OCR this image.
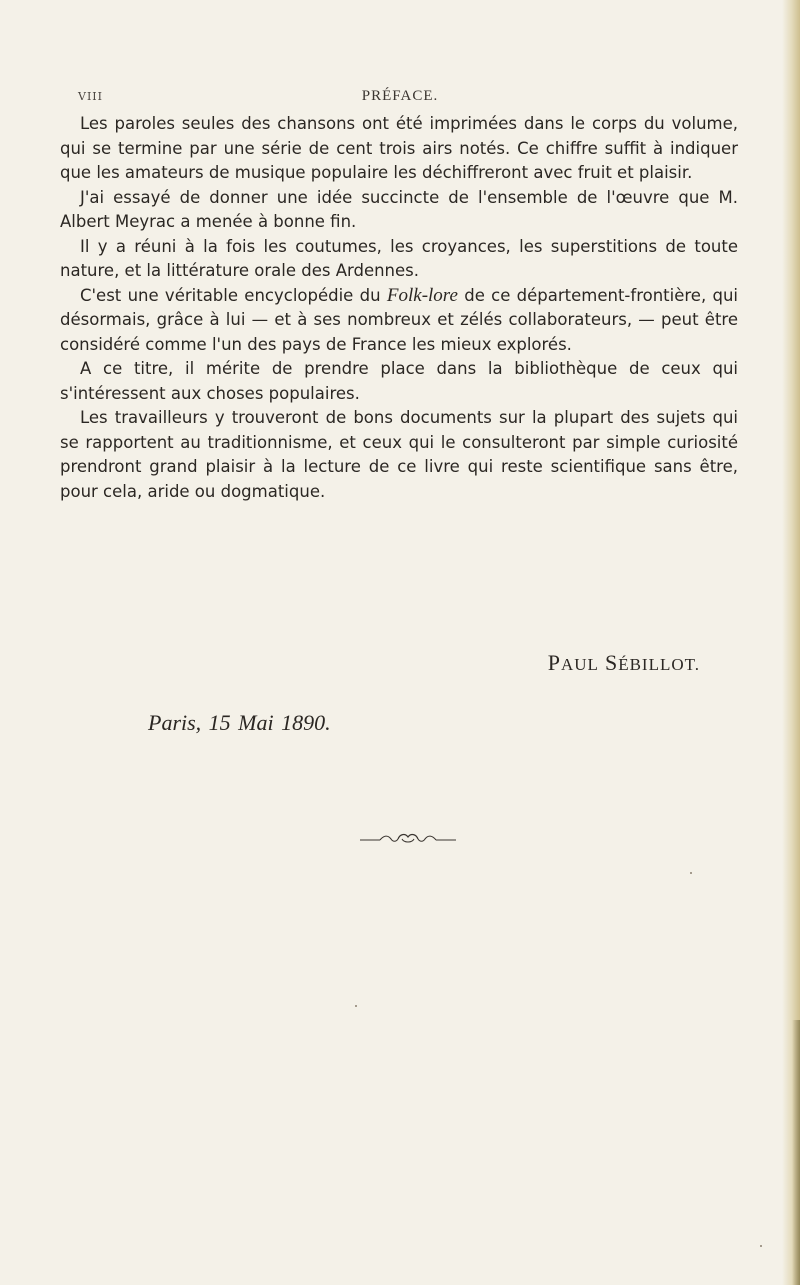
VIII	PRÉFACE.

Les paroles seules des chansons ont été imprimées dans le corps du volume, qui se termine par une série de cent trois airs notés. Ce chiffre suffit à indiquer que les amateurs de musique populaire les déchiffreront avec fruit et plaisir.

J'ai essayé de donner une idée succincte de l'ensemble de l'œuvre que M. Albert Meyrac a menée à bonne fin.

Il y a réuni à la fois les coutumes, les croyances, les superstitions de toute nature, et la littérature orale des Ardennes.

C'est une véritable encyclopédie du Folk-lore de ce département-frontière, qui désormais, grâce à lui — et à ses nombreux et zélés collaborateurs, — peut être considéré comme l'un des pays de France les mieux explorés.

A ce titre, il mérite de prendre place dans la bibliothèque de ceux qui s'intéressent aux choses populaires.

Les travailleurs y trouveront de bons documents sur la plupart des sujets qui se rapportent au traditionnisme, et ceux qui le consulteront par simple curiosité prendront grand plaisir à la lecture de ce livre qui reste scientifique sans être, pour cela, aride ou dogmatique.

PAUL SÉBILLOT.
Paris, 15 Mai 1890.
